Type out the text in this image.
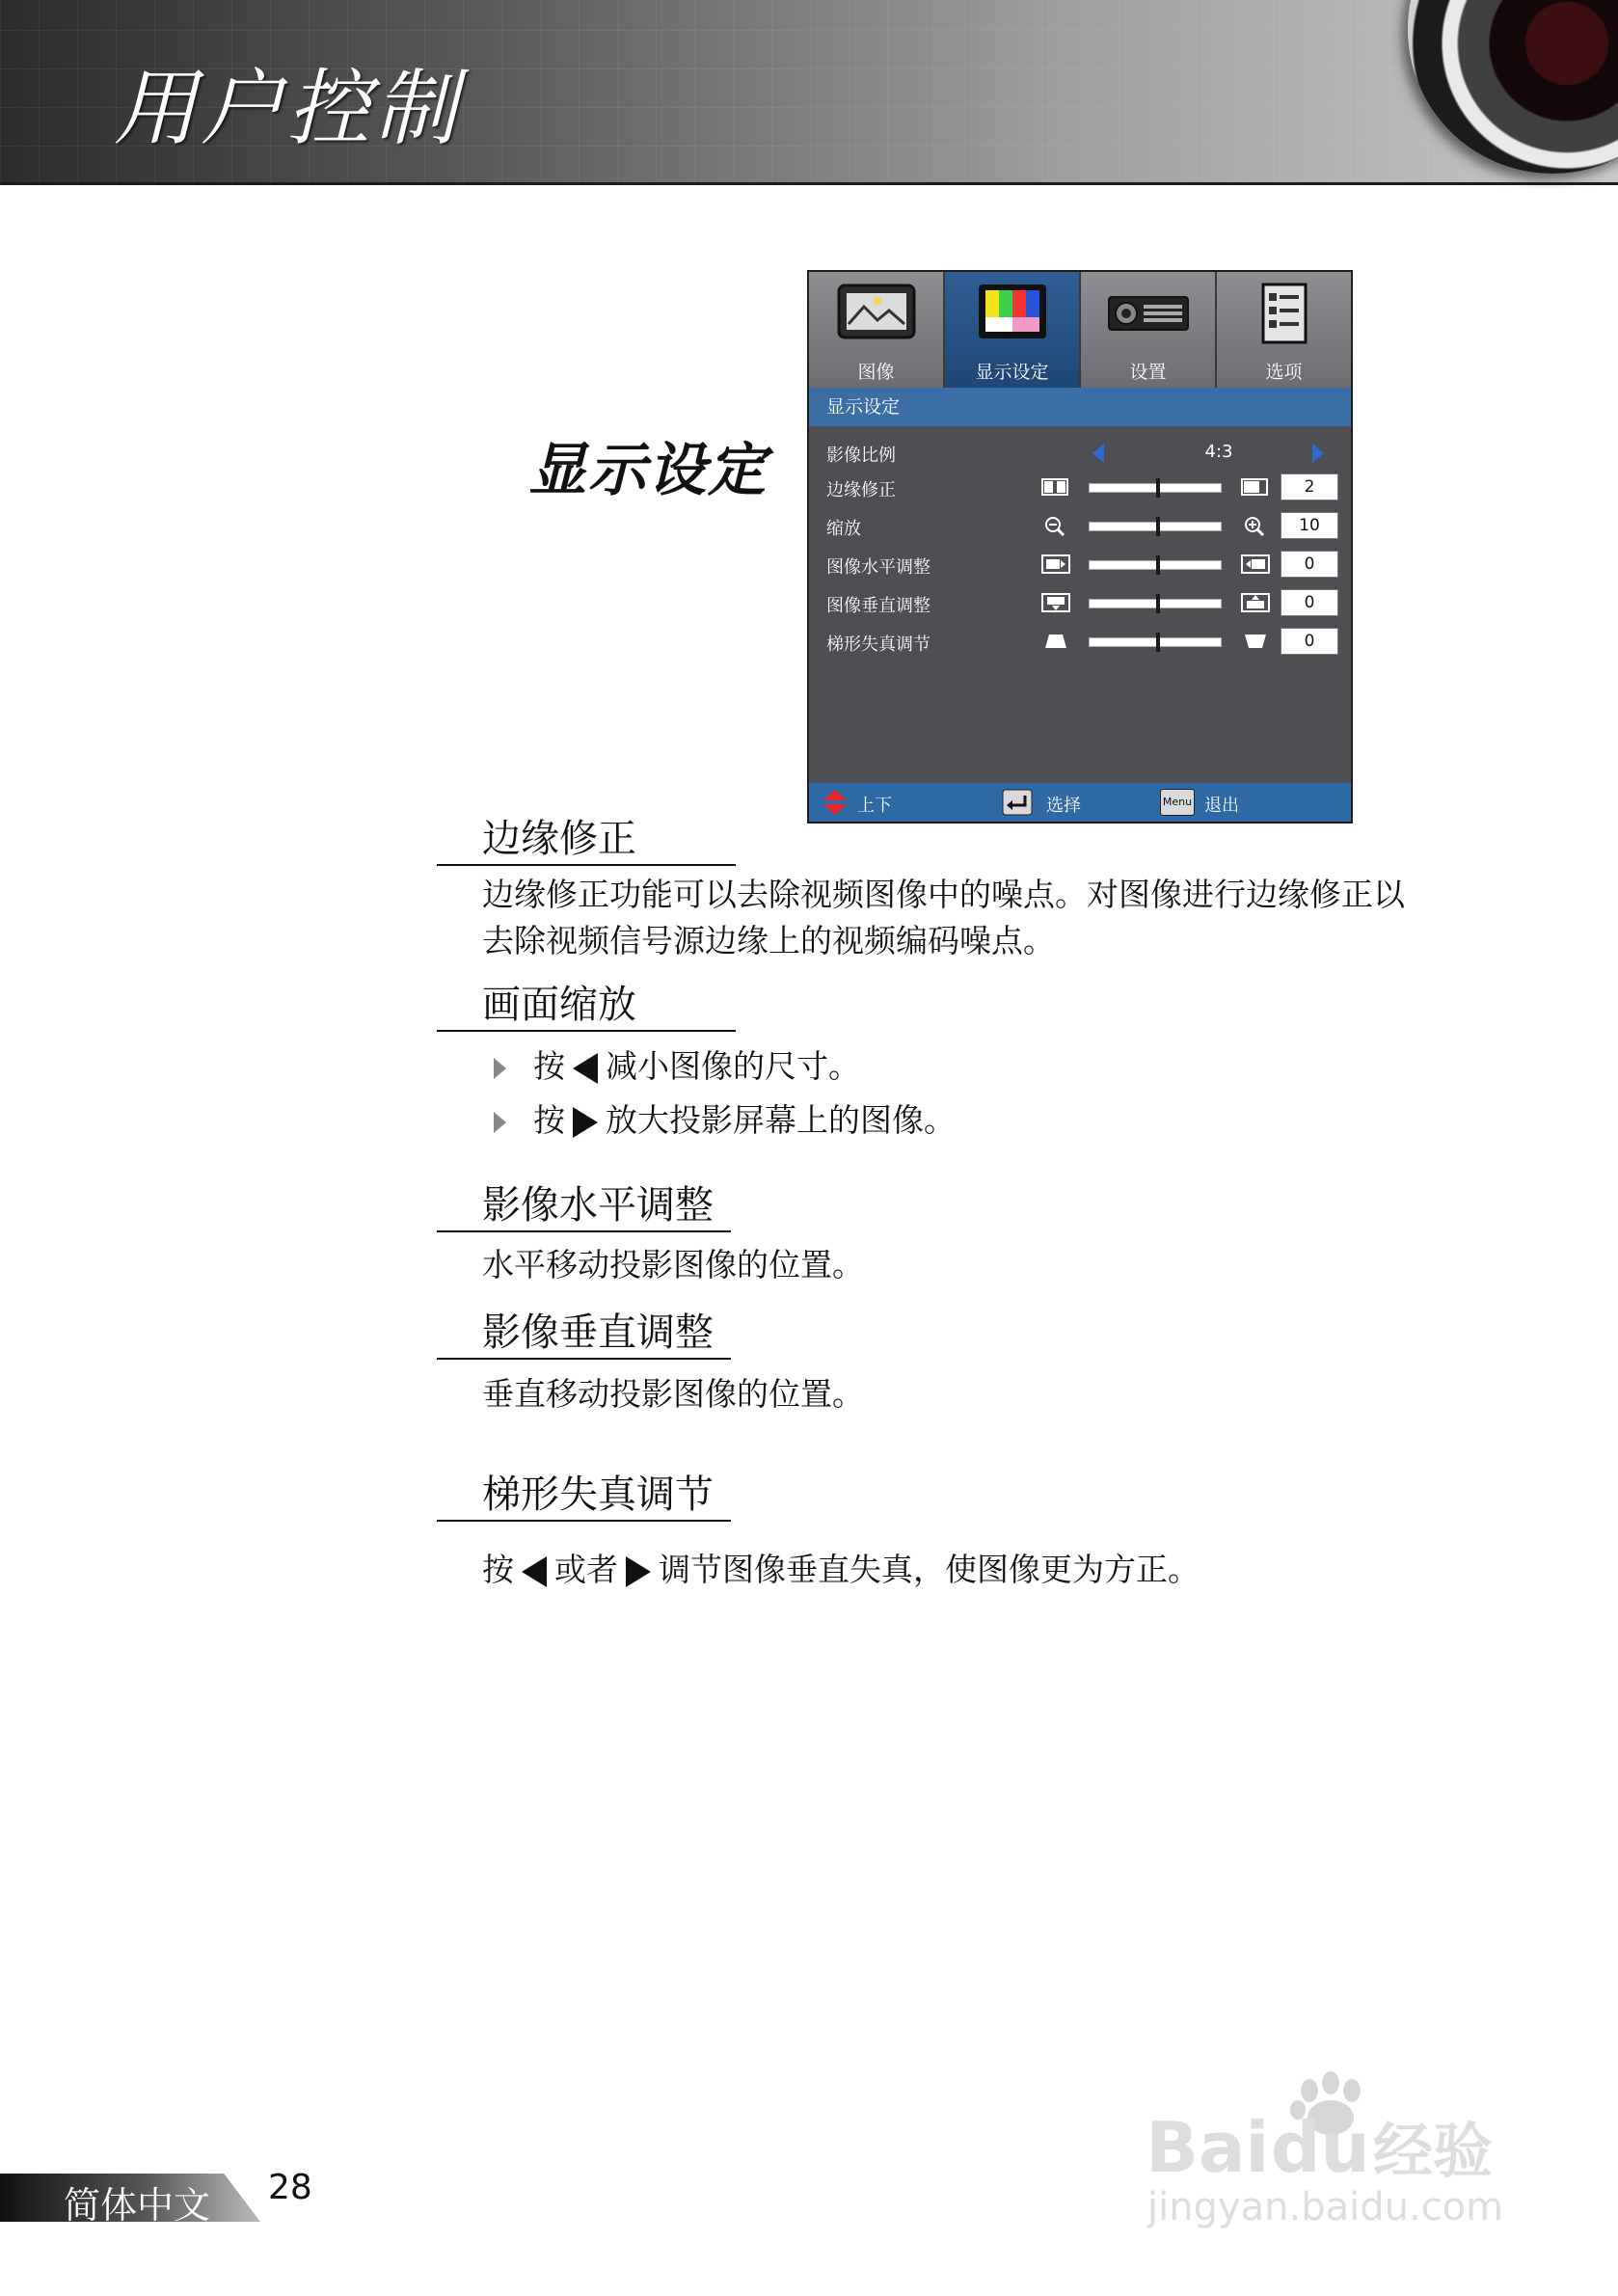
用户控制
显示设定
图像	显示设定	设置	选项
显示设定
影像比例	4:3
边缘修正	2
缩放	10
图像水平调整	0
图像垂直调整	0
梯形失真调节	0
上下	选择	Menu 退出
边缘修正
边缘修正功能可以去除视频图像中的噪点。对图像进行边缘修正以
去除视频信号源边缘上的视频编码噪点。
画面缩放
按 减小图像的尺寸。
按 放大投影屏幕上的图像。
影像水平调整
水平移动投影图像的位置。
影像垂直调整
垂直移动投影图像的位置。
梯形失真调节
按 或者 调节图像垂直失真，使图像更为方正。
简体中文 28	Bai du 经验
jingyan.baidu.com
